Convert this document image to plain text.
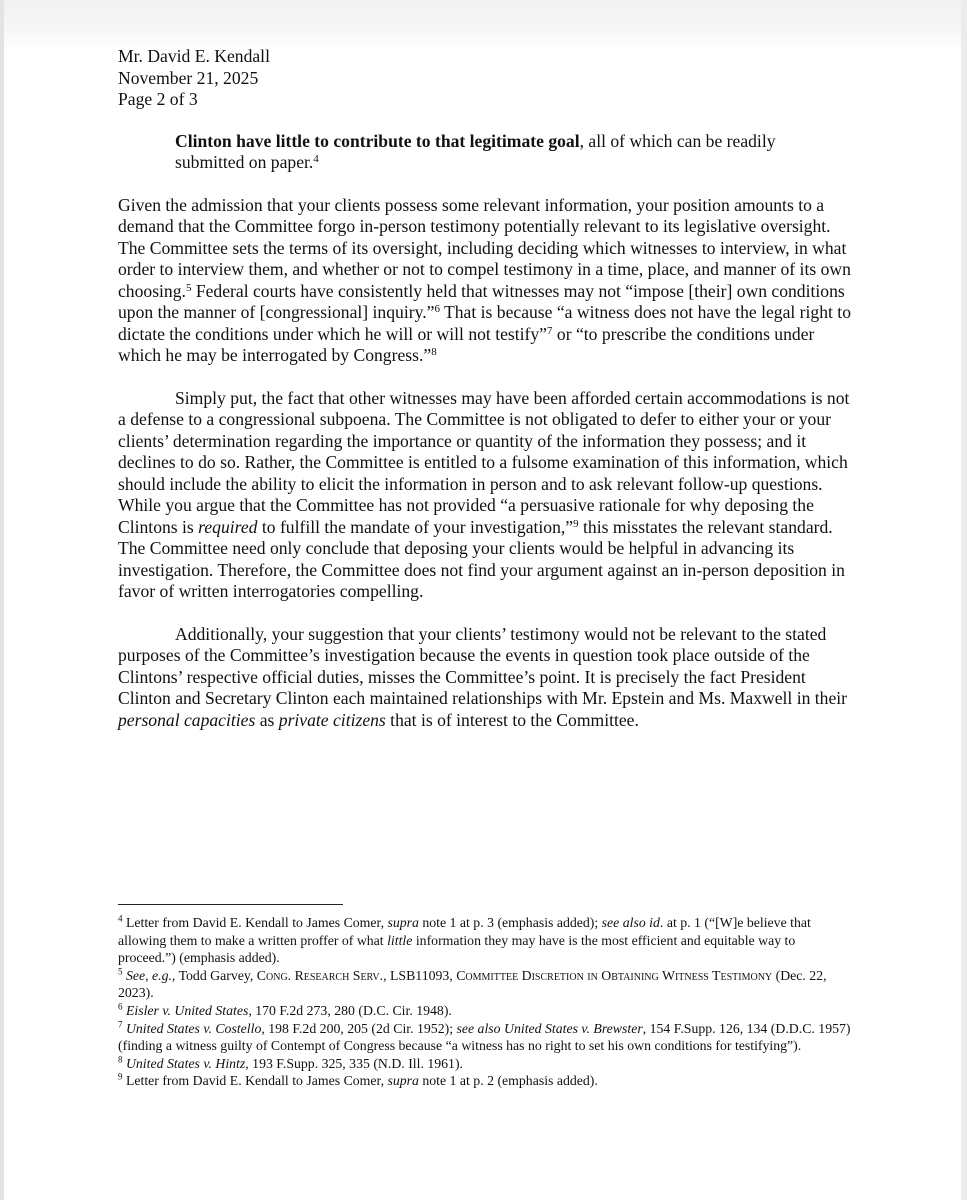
Mr. David E. Kendall

November 21, 2025

Page 2 of 3

Clinton have little to contribute to that legitimate goal, all of which can be readily submitted on paper.$^4$

Given the admission that your clients possess some relevant information, your position amounts to a demand that the Committee forgo in-person testimony potentially relevant to its legislative oversight. The Committee sets the terms of its oversight, including deciding which witnesses to interview, in what order to interview them, and whether or not to compel testimony in a time, place, and manner of its own choosing.$^5$ Federal courts have consistently held that witnesses may not “impose [their] own conditions upon the manner of [congressional] inquiry.”$^6$ That is because “a witness does not have the legal right to dictate the conditions under which he will or will not testify”$^7$ or “to prescribe the conditions under which he may be interrogated by Congress.”$^8$

Simply put, the fact that other witnesses may have been afforded certain accommodations is not a defense to a congressional subpoena. The Committee is not obligated to defer to either your or your clients’ determination regarding the importance or quantity of the information they possess; and it declines to do so. Rather, the Committee is entitled to a fulsome examination of this information, which should include the ability to elicit the information in person and to ask relevant follow-up questions. While you argue that the Committee has not provided “a persuasive rationale for why deposing the Clintons is required to fulfill the mandate of your investigation,”$^9$ this misstates the relevant standard. The Committee need only conclude that deposing your clients would be helpful in advancing its investigation. Therefore, the Committee does not find your argument against an in-person deposition in favor of written interrogatories compelling.

Additionally, your suggestion that your clients’ testimony would not be relevant to the stated purposes of the Committee’s investigation because the events in question took place outside of the Clintons’ respective official duties, misses the Committee’s point. It is precisely the fact President Clinton and Secretary Clinton each maintained relationships with Mr. Epstein and Ms. Maxwell in their personal capacities as private citizens that is of interest to the Committee.

$^4$ Letter from David E. Kendall to James Comer, supra note 1 at p. 3 (emphasis added); see also id. at p. 1 (“[W]e believe that allowing them to make a written proffer of what little information they may have is the most efficient and equitable way to proceed.”) (emphasis added).

$^5$ See, e.g., Todd Garvey, Cong. Research Serv., LSB11093, Committee Discretion in Obtaining Witness Testimony (Dec. 22, 2023).

$^6$ Eisler v. United States, 170 F.2d 273, 280 (D.C. Cir. 1948).

$^7$ United States v. Costello, 198 F.2d 200, 205 (2d Cir. 1952); see also United States v. Brewster, 154 F.Supp. 126, 134 (D.D.C. 1957) (finding a witness guilty of Contempt of Congress because “a witness has no right to set his own conditions for testifying”).

$^8$ United States v. Hintz, 193 F.Supp. 325, 335 (N.D. Ill. 1961).

$^9$ Letter from David E. Kendall to James Comer, supra note 1 at p. 2 (emphasis added).
